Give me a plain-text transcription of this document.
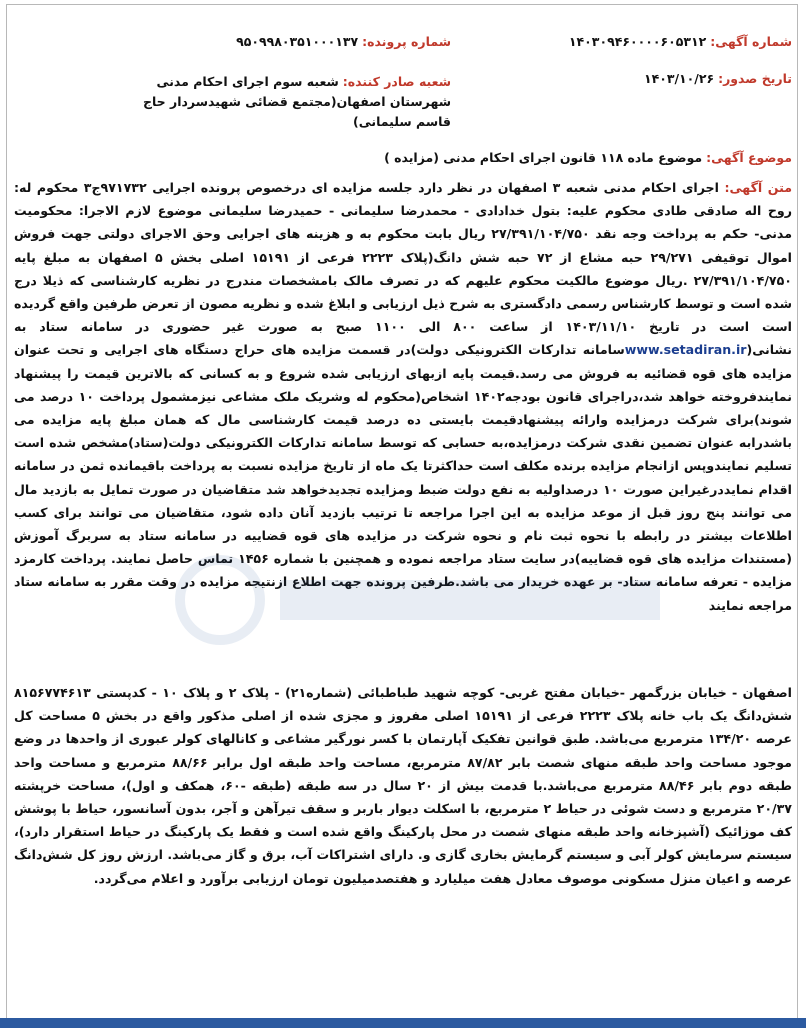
شماره آگهی: ۱۴۰۳۰۹۴۶۰۰۰۰۶۰۵۳۱۲
شماره پرونده: ۹۵۰۹۹۸۰۳۵۱۰۰۰۱۳۷
تاریخ صدور: ۱۴۰۳/۱۰/۲۶
شعبه صادر کننده: شعبه سوم اجرای احکام مدنی شهرستان اصفهان(مجتمع قضائی شهیدسردار حاج قاسم سلیمانی)
موضوع آگهی: موضوع ماده ۱۱۸ قانون اجرای احکام مدنی (مزایده )
متن آگهی: اجرای احکام مدنی شعبه ۳ اصفهان در نظر دارد جلسه مزایده ای درخصوص پرونده اجرایی ۹۷۱۷۳۲ج۳ محکوم له: روح اله صادقی طادی محکوم علیه: بتول خدادادی - محمدرضا سلیمانی - حمیدرضا سلیمانی موضوع لازم الاجرا: محکومیت مدنی- حکم به پرداخت وجه نقد ۲۷/۳۹۱/۱۰۴/۷۵۰ ریال بابت محکوم به و هزینه های اجرایی وحق الاجرای دولتی جهت فروش اموال توقیفی ۲۹/۲۷۱ حبه مشاع از ۷۲ حبه شش دانگ(پلاک ۲۲۲۳ فرعی از ۱۵۱۹۱ اصلی بخش ۵ اصفهان به مبلغ پایه ۲۷/۳۹۱/۱۰۴/۷۵۰ .ریال موضوع مالکیت محکوم علیهم که در تصرف مالک بامشخصات مندرج در نظریه کارشناسی که ذیلا درج شده است و توسط کارشناس رسمی دادگستری به شرح ذیل ارزیابی و ابلاغ شده و نظریه مصون از تعرض طرفین واقع گردیده است است در تاریخ ۱۴۰۳/۱۱/۱۰ از ساعت ۸۰۰ الی ۱۱۰۰ صبح به صورت غیر حضوری در سامانه ستاد به نشانی(www.setadiran.irسامانه تدارکات الکترونیکی دولت)در قسمت مزایده های حراج دستگاه های اجرایی و تحت عنوان مزایده های قوه قضائیه به فروش می رسد.قیمت پایه ازبهای ارزیابی شده شروع و به کسانی که بالاترین قیمت را پیشنهاد نمایندفروخته خواهد شد،دراجرای قانون بودجه۱۴۰۲ اشخاص(محکوم له وشریک ملک مشاعی نیزمشمول پرداخت ۱۰ درصد می شوند)برای شرکت درمزایده وارائه پیشنهادقیمت بایستی ده درصد قیمت کارشناسی مال که همان مبلغ پایه مزایده می باشدرابه عنوان تضمین نقدی شرکت درمزایده،به حسابی که توسط سامانه تدارکات الکترونیکی دولت(ستاد)مشخص شده است تسلیم نمایندوپس ازانجام مزایده برنده مکلف است حداکثرتا یک ماه از تاریخ مزایده نسبت به پرداخت باقیمانده ثمن در سامانه اقدام نمایددرغیراین صورت ۱۰ درصداولیه به نفع دولت ضبط ومزایده تجدیدخواهد شد متقاضیان در صورت تمایل به بازدید مال می توانند پنج روز قبل از موعد مزایده به این اجرا مراجعه تا ترتیب بازدید آنان داده شود، متقاضیان می توانند برای کسب اطلاعات بیشتر در رابطه با نحوه ثبت نام و نحوه شرکت در مزایده های قوه قضاییه در سامانه ستاد به سربرگ آموزش (مستندات مزایده های قوه قضاییه)در سایت ستاد مراجعه نموده و همچنین با شماره ۱۴۵۶ تماس حاصل نمایند. پرداخت کارمزد مزایده - تعرفه سامانه ستاد- بر عهده خریدار می باشد.طرفین پرونده جهت اطلاع ازنتیجه مزایده در وقت مقرر به سامانه ستاد مراجعه نمایند
اصفهان - خیابان بزرگمهر -خیابان مفتح غربی- کوچه شهید طباطبائی (شماره۲۱) - پلاک ۲ و پلاک ۱۰ - کدپستی ۸۱۵۶۷۷۴۶۱۳ شش‌دانگ یک باب خانه پلاک ۲۲۲۳ فرعی از ۱۵۱۹۱ اصلی مفروز و مجزی شده از اصلی مذکور واقع در بخش ۵ مساحت کل عرصه ۱۳۴/۲۰ مترمربع می‌باشد. طبق قوانین تفکیک آپارتمان با کسر نورگیر مشاعی و کانالهای کولر عبوری از واحدها در وضع موجود مساحت واحد طبقه منهای شصت بابر ۸۷/۸۲ مترمربع، مساحت واحد طبقه اول برابر ۸۸/۶۶ مترمربع و مساحت واحد طبقه دوم بابر ۸۸/۴۶ مترمربع می‌باشد.با قدمت بیش از ۲۰ سال در سه طبقه (طبقه -۶۰، همکف و اول)، مساحت خرپشته ۲۰/۳۷ مترمربع و دست شوئی در حیاط ۲ مترمربع، با اسکلت دیوار باربر و سقف تیرآهن و آجر، بدون آسانسور، حیاط با پوشش کف موزائیک (آشپزخانه واحد طبقه منهای شصت در محل پارکینگ واقع شده است و فقط یک پارکینگ در حیاط استقرار دارد)، سیستم سرمایش کولر آبی و سیستم گرمایش بخاری گازی و. دارای اشتراکات آب، برق و گاز می‌باشد. ارزش روز کل شش‌دانگ عرصه و اعیان منزل مسکونی موصوف معادل هفت میلیارد و هفتصدمیلیون تومان ارزیابی برآورد و اعلام می‌گردد.
